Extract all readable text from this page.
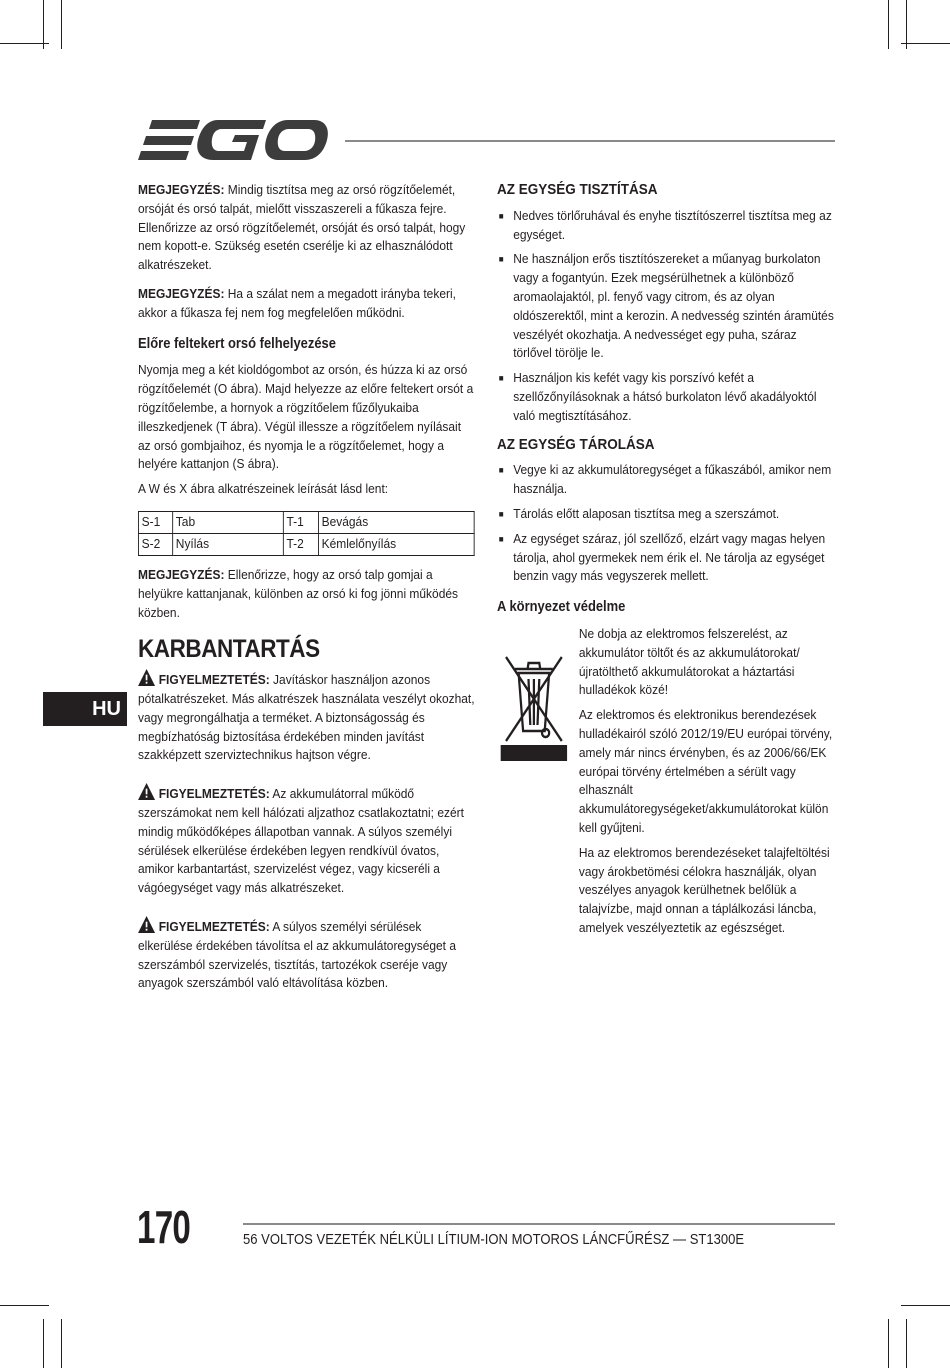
MEGJEGYZÉS: Mindig tisztítsa meg az orsó rögzítőelemét, orsóját és orsó talpát, mielőtt visszaszereli a fűkasza fejre. Ellenőrizze az orsó rögzítőelemét, orsóját és orsó talpát, hogy nem kopott-e. Szükség esetén cserélje ki az elhasználódott alkatrészeket.

MEGJEGYZÉS: Ha a szálat nem a megadott irányba tekeri, akkor a fűkasza fej nem fog megfelelően működni.

Előre feltekert orsó felhelyezése

Nyomja meg a két kioldógombot az orsón, és húzza ki az orsó rögzítőelemét (O ábra). Majd helyezze az előre feltekert orsót a rögzítőelembe, a hornyok a rögzítőelem fűzőlyukaiba illeszkedjenek (T ábra). Végül illessze a rögzítőelem nyílásait az orsó gombjaihoz, és nyomja le a rögzítőelemet, hogy a helyére kattanjon (S ábra).

A W és X ábra alkatrészeinek leírását lásd lent:

S-1	Tab	T-1	Bevágás
S-2	Nyílás	T-2	Kémlelőnyílás

MEGJEGYZÉS: Ellenőrizze, hogy az orsó talp gomjai a helyükre kattanjanak, különben az orsó ki fog jönni működés közben.

KARBANTARTÁS

FIGYELMEZTETÉS: Javításkor használjon azonos pótalkatrészeket. Más alkatrészek használata veszélyt okozhat, vagy megrongálhatja a terméket. A biztonságosság és megbízhatóság biztosítása érdekében minden javítást szakképzett szerviztechnikus hajtson végre.

FIGYELMEZTETÉS: Az akkumulátorral működő szerszámokat nem kell hálózati aljzathoz csatlakoztatni; ezért mindig működőképes állapotban vannak. A súlyos személyi sérülések elkerülése érdekében legyen rendkívül óvatos, amikor karbantartást, szervizelést végez, vagy kicseréli a vágóegységet vagy más alkatrészeket.

FIGYELMEZTETÉS: A súlyos személyi sérülések elkerülése érdekében távolítsa el az akkumulátoregységet a szerszámból szervizelés, tisztítás, tartozékok cseréje vagy anyagok szerszámból való eltávolítása közben.

AZ EGYSÉG TISZTÍTÁSA

■ Nedves törlőruhával és enyhe tisztítószerrel tisztítsa meg az egységet.
■ Ne használjon erős tisztítószereket a műanyag burkolaton vagy a fogantyún. Ezek megsérülhetnek a különböző aromaolajaktól, pl. fenyő vagy citrom, és az olyan oldószerektől, mint a kerozin. A nedvesség szintén áramütés veszélyét okozhatja. A nedvességet egy puha, száraz törlővel törölje le.
■ Használjon kis kefét vagy kis porszívó kefét a szellőzőnyílásoknak a hátsó burkolaton lévő akadályoktól való megtisztításához.

AZ EGYSÉG TÁROLÁSA

■ Vegye ki az akkumulátoregységet a fűkaszából, amikor nem használja.
■ Tárolás előtt alaposan tisztítsa meg a szerszámot.
■ Az egységet száraz, jól szellőző, elzárt vagy magas helyen tárolja, ahol gyermekek nem érik el. Ne tárolja az egységet benzin vagy más vegyszerek mellett.

A környezet védelme

Ne dobja az elektromos felszerelést, az akkumulátor töltőt és az akkumulátorokat/újratölthető akkumulátorokat a háztartási hulladékok közé!

Az elektromos és elektronikus berendezések hulladékairól szóló 2012/19/EU európai törvény, amely már nincs érvényben, és az 2006/66/EK európai törvény értelmében a sérült vagy elhasznált akkumulátoregységeket/akkumulátorokat külön kell gyűjteni.

Ha az elektromos berendezéseket talajfeltöltési vagy árokbetömési célokra használják, olyan veszélyes anyagok kerülhetnek belőlük a talajvízbe, majd onnan a táplálkozási láncba, amelyek veszélyeztetik az egészséget.

HU
170	56 VOLTOS VEZETÉK NÉLKÜLI LÍTIUM-ION MOTOROS LÁNCFŰRÉSZ — ST1300E
